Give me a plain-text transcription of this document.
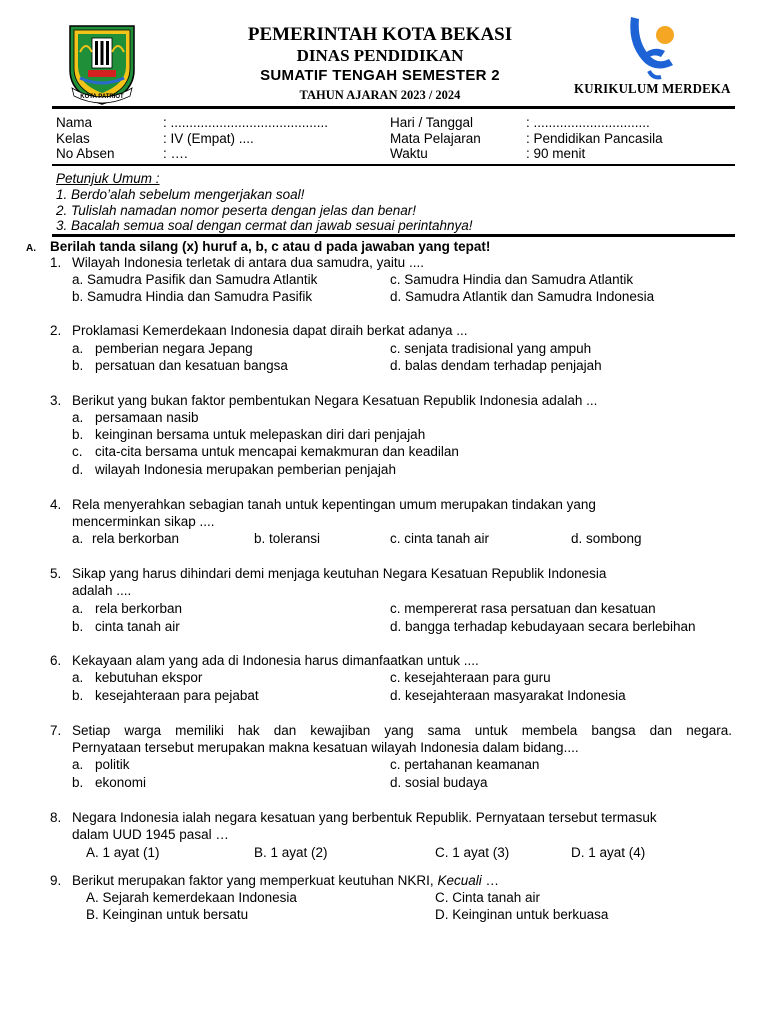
KOTA PATRIOT
PEMERINTAH KOTA BEKASI
DINAS PENDIDIKAN
SUMATIF TENGAH SEMESTER 2
TAHUN AJARAN 2023 / 2024	KURIKULUM MERDEKA
Nama	: ..........................................
Kelas	: IV (Empat) ....
No Absen	: ….
Hari / Tanggal	: ...............................
Mata Pelajaran	: Pendidikan Pancasila
Waktu	: 90 menit
Petunjuk Umum :
1. Berdo’alah sebelum mengerjakan soal!
2. Tulislah namadan nomor peserta dengan jelas dan benar!
3. Bacalah semua soal dengan cermat dan jawab sesuai perintahnya!
A. Berilah tanda silang (x) huruf a, b, c atau d pada jawaban yang tepat!
1. Wilayah Indonesia terletak di antara dua samudra, yaitu ....
a. Samudra Pasifik dan Samudra Atlantik
b. Samudra Hindia dan Samudra Pasifik
c. Samudra Hindia dan Samudra Atlantik
d. Samudra Atlantik dan Samudra Indonesia
2. Proklamasi Kemerdekaan Indonesia dapat diraih berkat adanya ...
a. pemberian negara Jepang
b. persatuan dan kesatuan bangsa
c. senjata tradisional yang ampuh
d. balas dendam terhadap penjajah
3. Berikut yang bukan faktor pembentukan Negara Kesatuan Republik Indonesia adalah ...
a. persamaan nasib
b. keinginan bersama untuk melepaskan diri dari penjajah
c. cita-cita bersama untuk mencapai kemakmuran dan keadilan
d. wilayah Indonesia merupakan pemberian penjajah
4. Rela menyerahkan sebagian tanah untuk kepentingan umum merupakan tindakan yang
mencerminkan sikap ....
a. rela berkorban	b. toleransi	c. cinta tanah air	d. sombong
5. Sikap yang harus dihindari demi menjaga keutuhan Negara Kesatuan Republik Indonesia
adalah ....
a. rela berkorban
b. cinta tanah air
c. mempererat rasa persatuan dan kesatuan
d. bangga terhadap kebudayaan secara berlebihan
6. Kekayaan alam yang ada di Indonesia harus dimanfaatkan untuk ....
a. kebutuhan ekspor
b. kesejahteraan para pejabat
c. kesejahteraan para guru
d. kesejahteraan masyarakat Indonesia
7. Setiap warga memiliki hak dan kewajiban yang sama untuk membela bangsa dan negara.
Pernyataan tersebut merupakan makna kesatuan wilayah Indonesia dalam bidang....
a. politik
b. ekonomi
c. pertahanan keamanan
d. sosial budaya
8. Negara Indonesia ialah negara kesatuan yang berbentuk Republik. Pernyataan tersebut termasuk
dalam UUD 1945 pasal …
A. 1 ayat (1)	B. 1 ayat (2)	C. 1 ayat (3)	D. 1 ayat (4)
9. Berikut merupakan faktor yang memperkuat keutuhan NKRI, Kecuali …
A. Sejarah kemerdekaan Indonesia
B. Keinginan untuk bersatu
C. Cinta tanah air
D. Keinginan untuk berkuasa
